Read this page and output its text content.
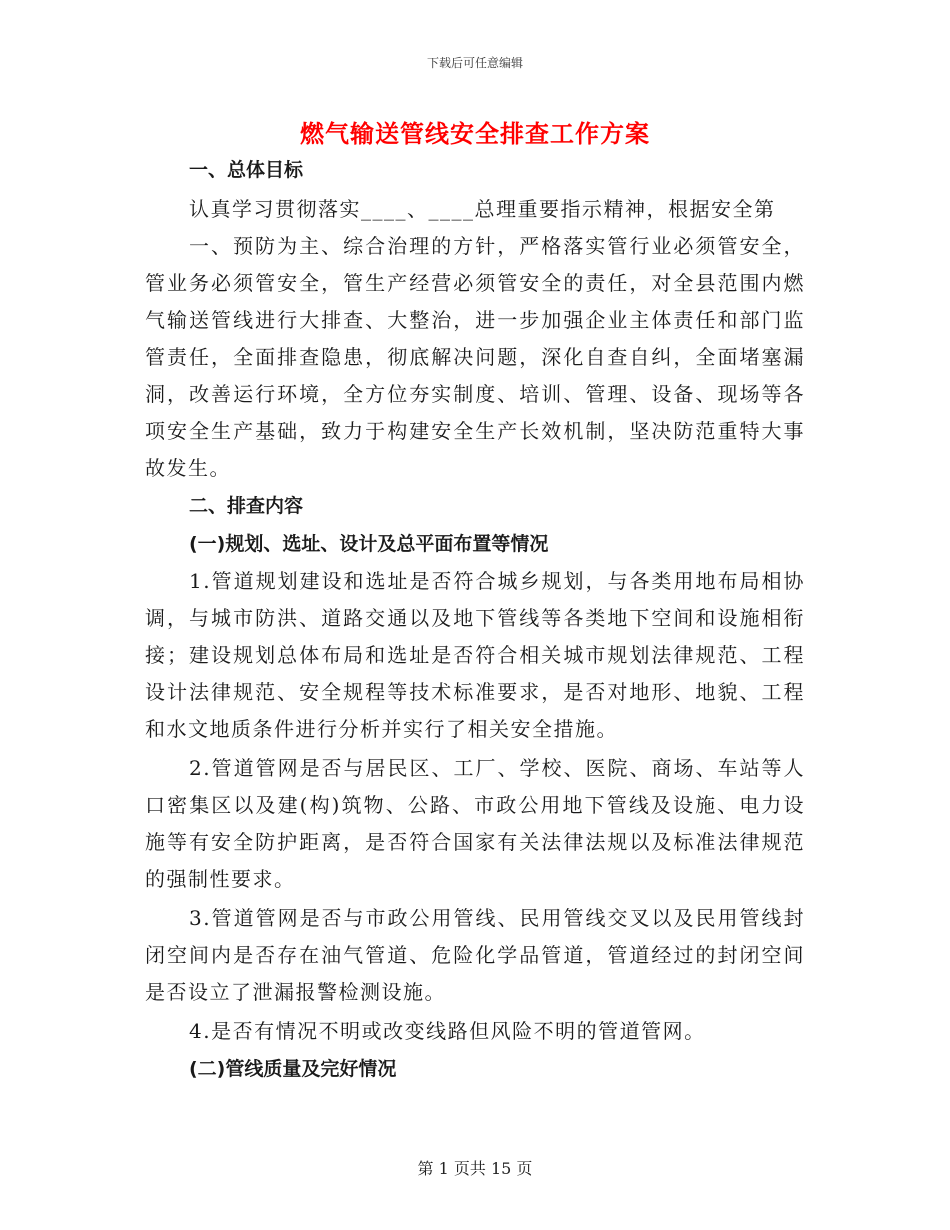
下载后可任意编辑
燃气输送管线安全排查工作方案
一、总体目标

认真学习贯彻落实____、____总理重要指示精神，根据安全第

一、预防为主、综合治理的方针，严格落实管行业必须管安全，管业务必须管安全，管生产经营必须管安全的责任，对全县范围内燃气输送管线进行大排查、大整治，进一步加强企业主体责任和部门监管责任，全面排查隐患，彻底解决问题，深化自查自纠，全面堵塞漏洞，改善运行环境，全方位夯实制度、培训、管理、设备、现场等各项安全生产基础，致力于构建安全生产长效机制，坚决防范重特大事故发生。

二、排查内容
(一)规划、选址、设计及总平面布置等情况

1.管道规划建设和选址是否符合城乡规划，与各类用地布局相协调，与城市防洪、道路交通以及地下管线等各类地下空间和设施相衔接；建设规划总体布局和选址是否符合相关城市规划法律规范、工程设计法律规范、安全规程等技术标准要求，是否对地形、地貌、工程和水文地质条件进行分析并实行了相关安全措施。

2.管道管网是否与居民区、工厂、学校、医院、商场、车站等人口密集区以及建(构)筑物、公路、市政公用地下管线及设施、电力设施等有安全防护距离，是否符合国家有关法律法规以及标准法律规范的强制性要求。

3.管道管网是否与市政公用管线、民用管线交叉以及民用管线封闭空间内是否存在油气管道、危险化学品管道，管道经过的封闭空间是否设立了泄漏报警检测设施。

4.是否有情况不明或改变线路但风险不明的管道管网。

(二)管线质量及完好情况
第 1 页共 15 页
